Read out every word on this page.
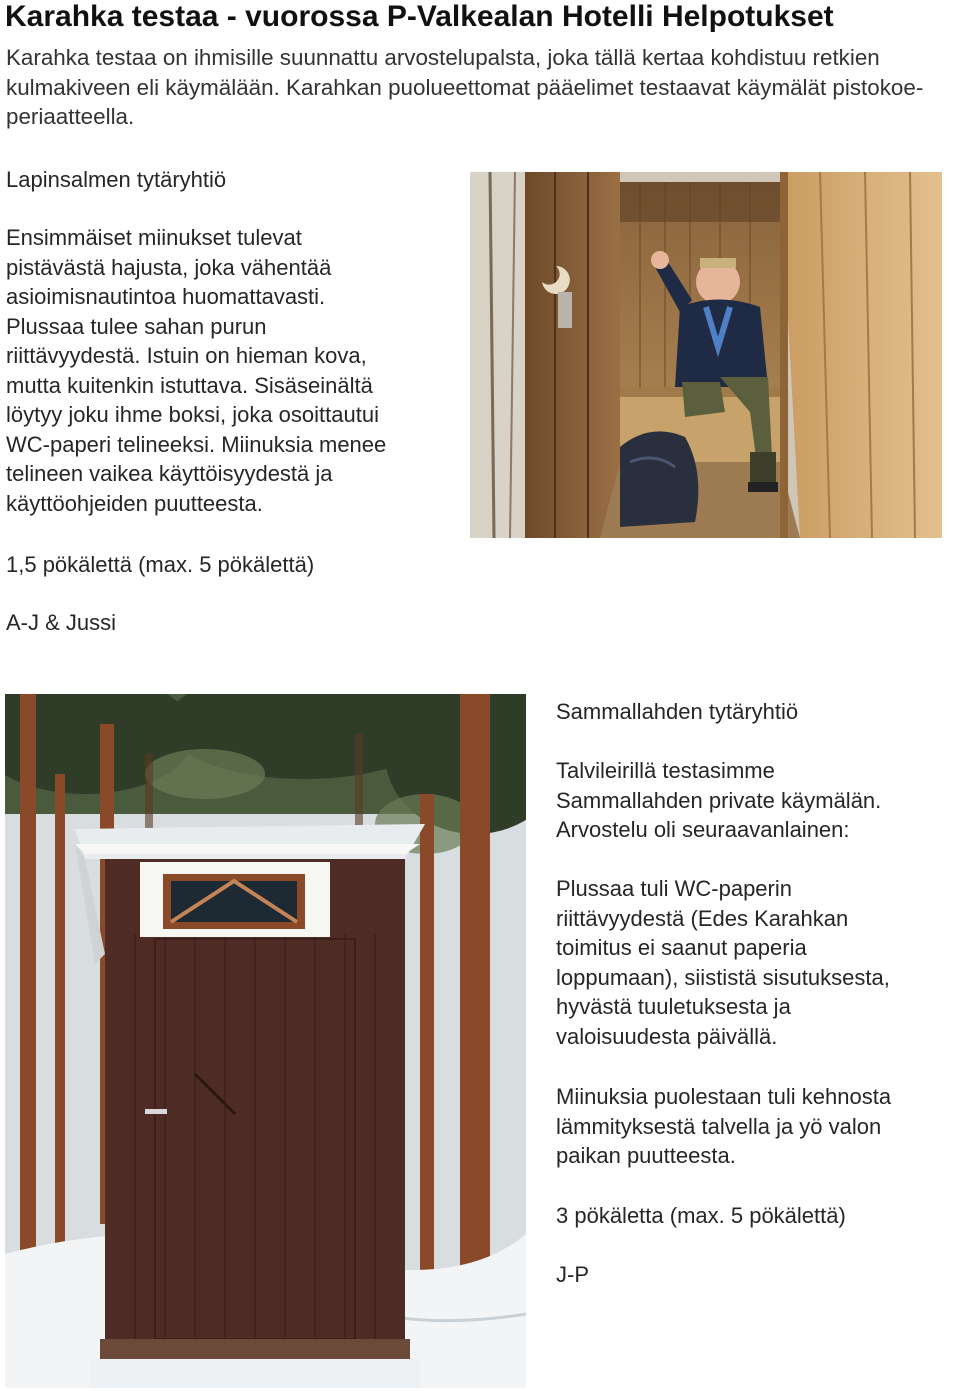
Karahka testaa - vuorossa P-Valkealan Hotelli Helpotukset

Karahka testaa on ihmisille suunnattu arvostelupalsta, joka tällä kertaa kohdistuu retkien kulmakiveen eli käymälään. Karahkan puolueettomat pääelimet testaavat käymälät pistokoe-periaatteella.

Lapinsalmen tytäryhtiö

Ensimmäiset miinukset tulevat

pistävästä hajusta, joka vähentää

asioimisnautintoa huomattavasti.

Plussaa tulee sahan purun

riittävyydestä. Istuin on hieman kova,

mutta kuitenkin istuttava. Sisäseinältä

löytyy joku ihme boksi, joka osoittautui

WC-paperi telineeksi. Miinuksia menee

telineen vaikea käyttöisyydestä ja

käyttöohjeiden puutteesta.

1,5 pökälettä (max. 5 pökälettä)

A-J & Jussi

Sammallahden tytäryhtiö

Talvileirillä testasimme

Sammallahden private käymälän.

Arvostelu oli seuraavanlainen:

Plussaa tuli WC-paperin

riittävyydestä (Edes Karahkan

toimitus ei saanut paperia

loppumaan), siististä sisutuksesta,

hyvästä tuuletuksesta ja

valoisuudesta päivällä.

Miinuksia puolestaan tuli kehnosta

lämmityksestä talvella ja yö valon

paikan puutteesta.

3 pökäletta (max. 5 pökälettä)

J-P
